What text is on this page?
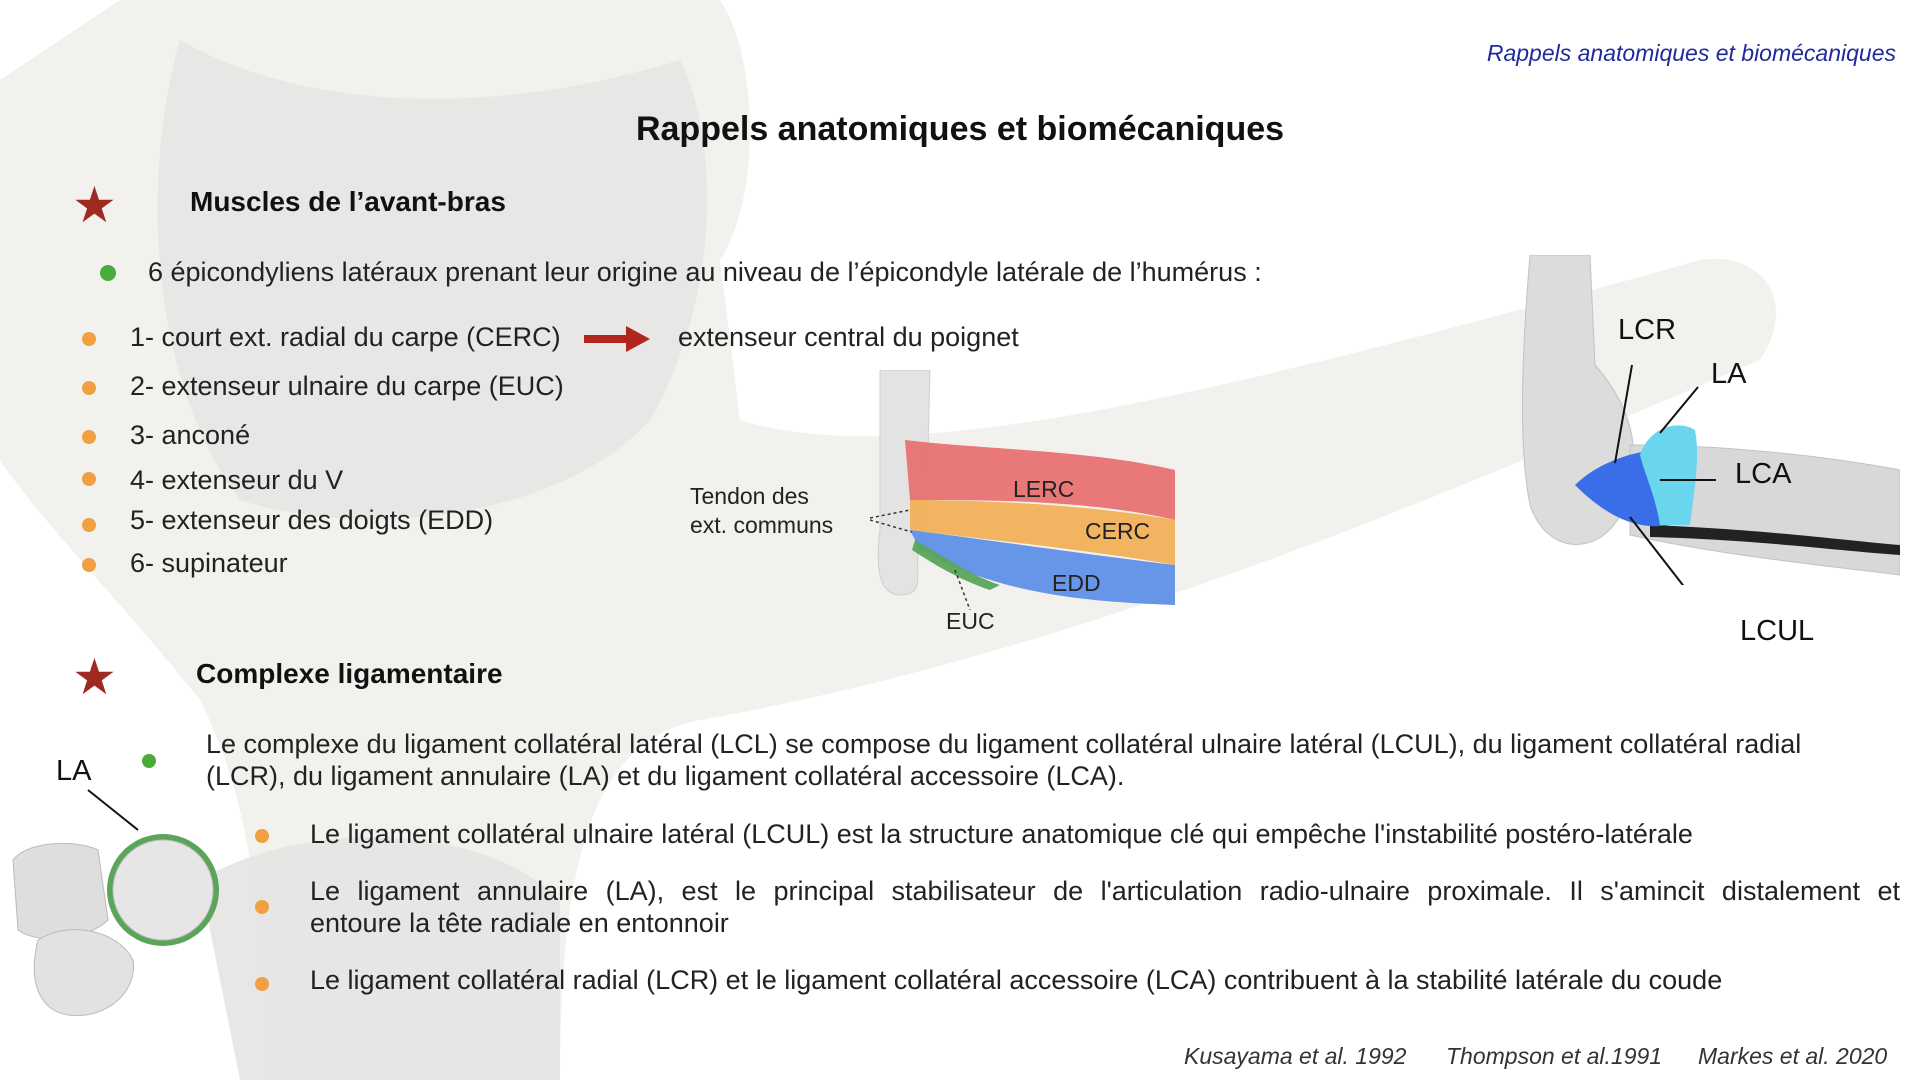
Rappels anatomiques et biomécaniques
Rappels anatomiques et biomécaniques
★	Muscles de l’avant-bras
6 épicondyliens latéraux prenant leur origine au niveau de l’épicondyle latérale de l’humérus :
1- court ext. radial du carpe (CERC)	extenseur central du poignet
2- extenseur ulnaire du carpe (EUC)
3- anconé
4- extenseur du V
5- extenseur des doigts (EDD)
6- supinateur
Tendon des
ext. communs
LERC
CERC
EDD
EUC
LCR
LA
LCA
LCUL
★	Complexe ligamentaire
LA
Le complexe du ligament collatéral latéral (LCL) se compose du ligament collatéral ulnaire latéral (LCUL), du ligament collatéral radial
(LCR), du ligament annulaire (LA) et du ligament collatéral accessoire (LCA).
Le ligament collatéral ulnaire latéral (LCUL) est la structure anatomique clé qui empêche l'instabilité postéro-latérale
Le ligament annulaire (LA), est le principal stabilisateur de l'articulation radio-ulnaire proximale. Il s'amincit distalement et
entoure la tête radiale en entonnoir
Le ligament collatéral radial (LCR) et le ligament collatéral accessoire (LCA) contribuent à la stabilité latérale du coude
Kusayama et al. 1992 Thompson et al.1991 Markes et al. 2020
